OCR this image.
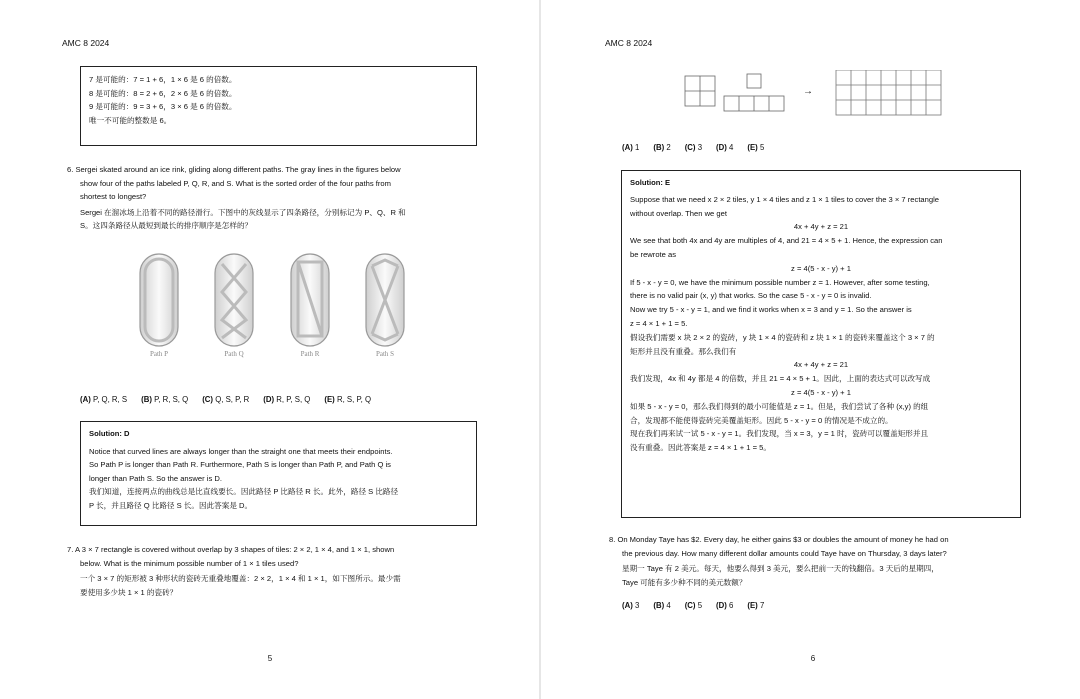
AMC 8 2024
7 是可能的：7 = 1 + 6，1 × 6 是 6 的倍数。
8 是可能的：8 = 2 + 6，2 × 6 是 6 的倍数。
9 是可能的：9 = 3 + 6，3 × 6 是 6 的倍数。
唯一不可能的整数是 6。
6. Sergei skated around an ice rink, gliding along different paths. The gray lines in the figures below
show four of the paths labeled P, Q, R, and S. What is the sorted order of the four paths from
shortest to longest?
Sergei 在溜冰场上沿着不同的路径滑行。下图中的灰线显示了四条路径，分别标记为 P、Q、R 和
S。这四条路径从最短到最长的排序顺序是怎样的？
Path P	Path Q	Path R	Path S
(A) P, Q, R, S (B) P, R, S, Q (C) Q, S, P, R (D) R, P, S, Q (E) R, S, P, Q
Solution: D
Notice that curved lines are always longer than the straight one that meets their endpoints.
So Path P is longer than Path R. Furthermore, Path S is longer than Path P, and Path Q is
longer than Path S. So the answer is D.
我们知道，连接两点的曲线总是比直线要长。因此路径 P 比路径 R 长。此外，路径 S 比路径
P 长，并且路径 Q 比路径 S 长。因此答案是 D。
7. A 3 × 7 rectangle is covered without overlap by 3 shapes of tiles: 2 × 2, 1 × 4, and 1 × 1, shown
below. What is the minimum possible number of 1 × 1 tiles used?
一个 3 × 7 的矩形被 3 种形状的瓷砖无重叠地覆盖：2 × 2，1 × 4 和 1 × 1，如下图所示。最少需
要使用多少块 1 × 1 的瓷砖？
5
AMC 8 2024
→
(A) 1 (B) 2 (C) 3 (D) 4 (E) 5
Solution: E
Suppose that we need x 2 × 2 tiles, y 1 × 4 tiles and z 1 × 1 tiles to cover the 3 × 7 rectangle
without overlap. Then we get
4x + 4y + z = 21
We see that both 4x and 4y are multiples of 4, and 21 = 4 × 5 + 1. Hence, the expression can
be rewrote as
z = 4(5 - x - y) + 1
If 5 - x - y = 0, we have the minimum possible number z = 1. However, after some testing,
there is no valid pair (x, y) that works. So the case 5 - x - y = 0 is invalid.
Now we try 5 - x - y = 1, and we find it works when x = 3 and y = 1. So the answer is
z = 4 × 1 + 1 = 5.
假设我们需要 x 块 2 × 2 的瓷砖，y 块 1 × 4 的瓷砖和 z 块 1 × 1 的瓷砖来覆盖这个 3 × 7 的
矩形并且没有重叠。那么我们有
4x + 4y + z = 21
我们发现，4x 和 4y 都是 4 的倍数，并且 21 = 4 × 5 + 1。因此，上面的表达式可以改写成
z = 4(5 - x - y) + 1
如果 5 - x - y = 0，那么我们得到的最小可能值是 z = 1。但是，我们尝试了各种 (x,y) 的组
合，发现都不能使得瓷砖完美覆盖矩形。因此 5 - x - y = 0 的情况是不成立的。
现在我们再来试一试 5 - x - y = 1。我们发现，当 x = 3，y = 1 时，瓷砖可以覆盖矩形并且
没有重叠。因此答案是 z = 4 × 1 + 1 = 5。
8. On Monday Taye has $2. Every day, he either gains $3 or doubles the amount of money he had on
the previous day. How many different dollar amounts could Taye have on Thursday, 3 days later?
星期一 Taye 有 2 美元。每天，他要么得到 3 美元，要么把前一天的钱翻倍。3 天后的星期四，
Taye 可能有多少种不同的美元数额？
(A) 3 (B) 4 (C) 5 (D) 6 (E) 7
6
